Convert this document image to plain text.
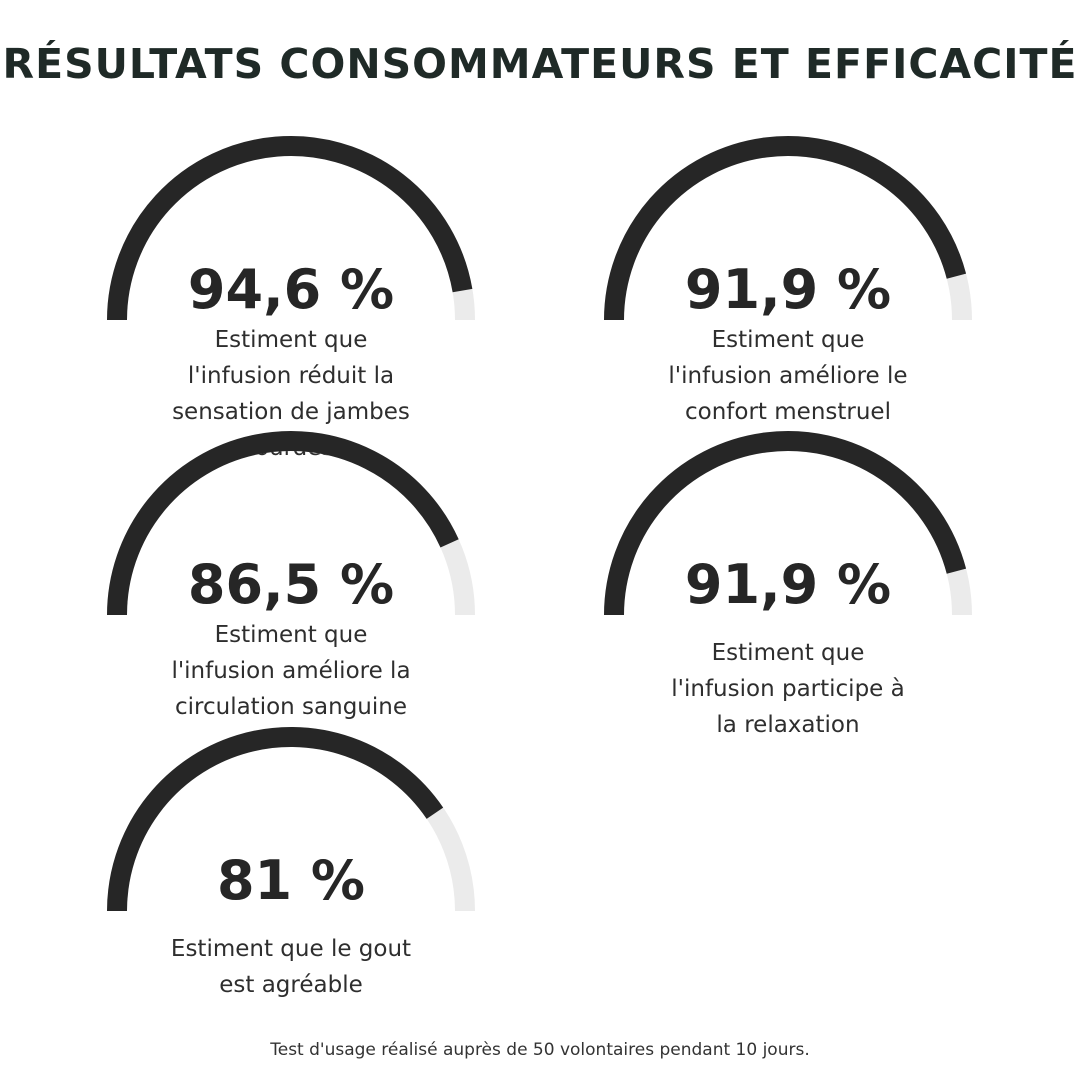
RÉSULTATS CONSOMMATEURS ET EFFICACITÉ
94,6 %
Estiment que l'infusion réduit la sensation de jambes lourdes
91,9 %
Estiment que l'infusion améliore le confort menstruel
86,5 %
Estiment que l'infusion améliore la circulation sanguine
91,9 %
Estiment que l'infusion participe à la relaxation
81 %
Estiment que le gout est agréable
Test d'usage réalisé auprès de 50 volontaires pendant 10 jours.
